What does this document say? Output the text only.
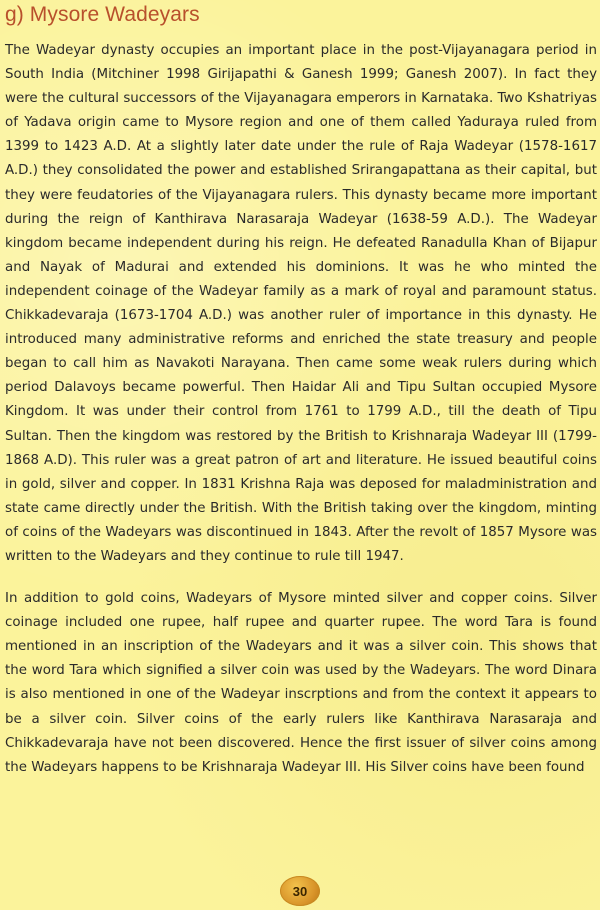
g) Mysore Wadeyars

The Wadeyar dynasty occupies an important place in the post-Vijayanagara period in South India (Mitchiner 1998 Girijapathi & Ganesh 1999; Ganesh 2007). In fact they were the cultural successors of the Vijayanagara emperors in Karnataka. Two Kshatriyas of Yadava origin came to Mysore region and one of them called Yaduraya ruled from 1399 to 1423 A.D. At a slightly later date under the rule of Raja Wadeyar (1578-1617 A.D.) they consolidated the power and established Srirangapattana as their capital, but they were feudatories of the Vijayanagara rulers. This dynasty became more important during the reign of Kanthirava Narasaraja Wadeyar (1638-59 A.D.). The Wadeyar kingdom became independent during his reign. He defeated Ranadulla Khan of Bijapur and Nayak of Madurai and extended his dominions. It was he who minted the independent coinage of the Wadeyar family as a mark of royal and paramount status. Chikkadevaraja (1673-1704 A.D.) was another ruler of importance in this dynasty. He introduced many administrative reforms and enriched the state treasury and people began to call him as Navakoti Narayana. Then came some weak rulers during which period Dalavoys became powerful. Then Haidar Ali and Tipu Sultan occupied Mysore Kingdom. It was under their control from 1761 to 1799 A.D., till the death of Tipu Sultan. Then the kingdom was restored by the British to Krishnaraja Wadeyar III (1799-1868 A.D). This ruler was a great patron of art and literature. He issued beautiful coins in gold, silver and copper. In 1831 Krishna Raja was deposed for maladministration and state came directly under the British. With the British taking over the kingdom, minting of coins of the Wadeyars was discontinued in 1843. After the revolt of 1857 Mysore was written to the Wadeyars and they continue to rule till 1947.

In addition to gold coins, Wadeyars of Mysore minted silver and copper coins. Silver coinage included one rupee, half rupee and quarter rupee. The word Tara is found mentioned in an inscription of the Wadeyars and it was a silver coin. This shows that the word Tara which signified a silver coin was used by the Wadeyars. The word Dinara is also mentioned in one of the Wadeyar inscrptions and from the context it appears to be a silver coin. Silver coins of the early rulers like Kanthirava Narasaraja and Chikkadevaraja have not been discovered. Hence the first issuer of silver coins among the Wadeyars happens to be Krishnaraja Wadeyar III. His Silver coins have been found

30
